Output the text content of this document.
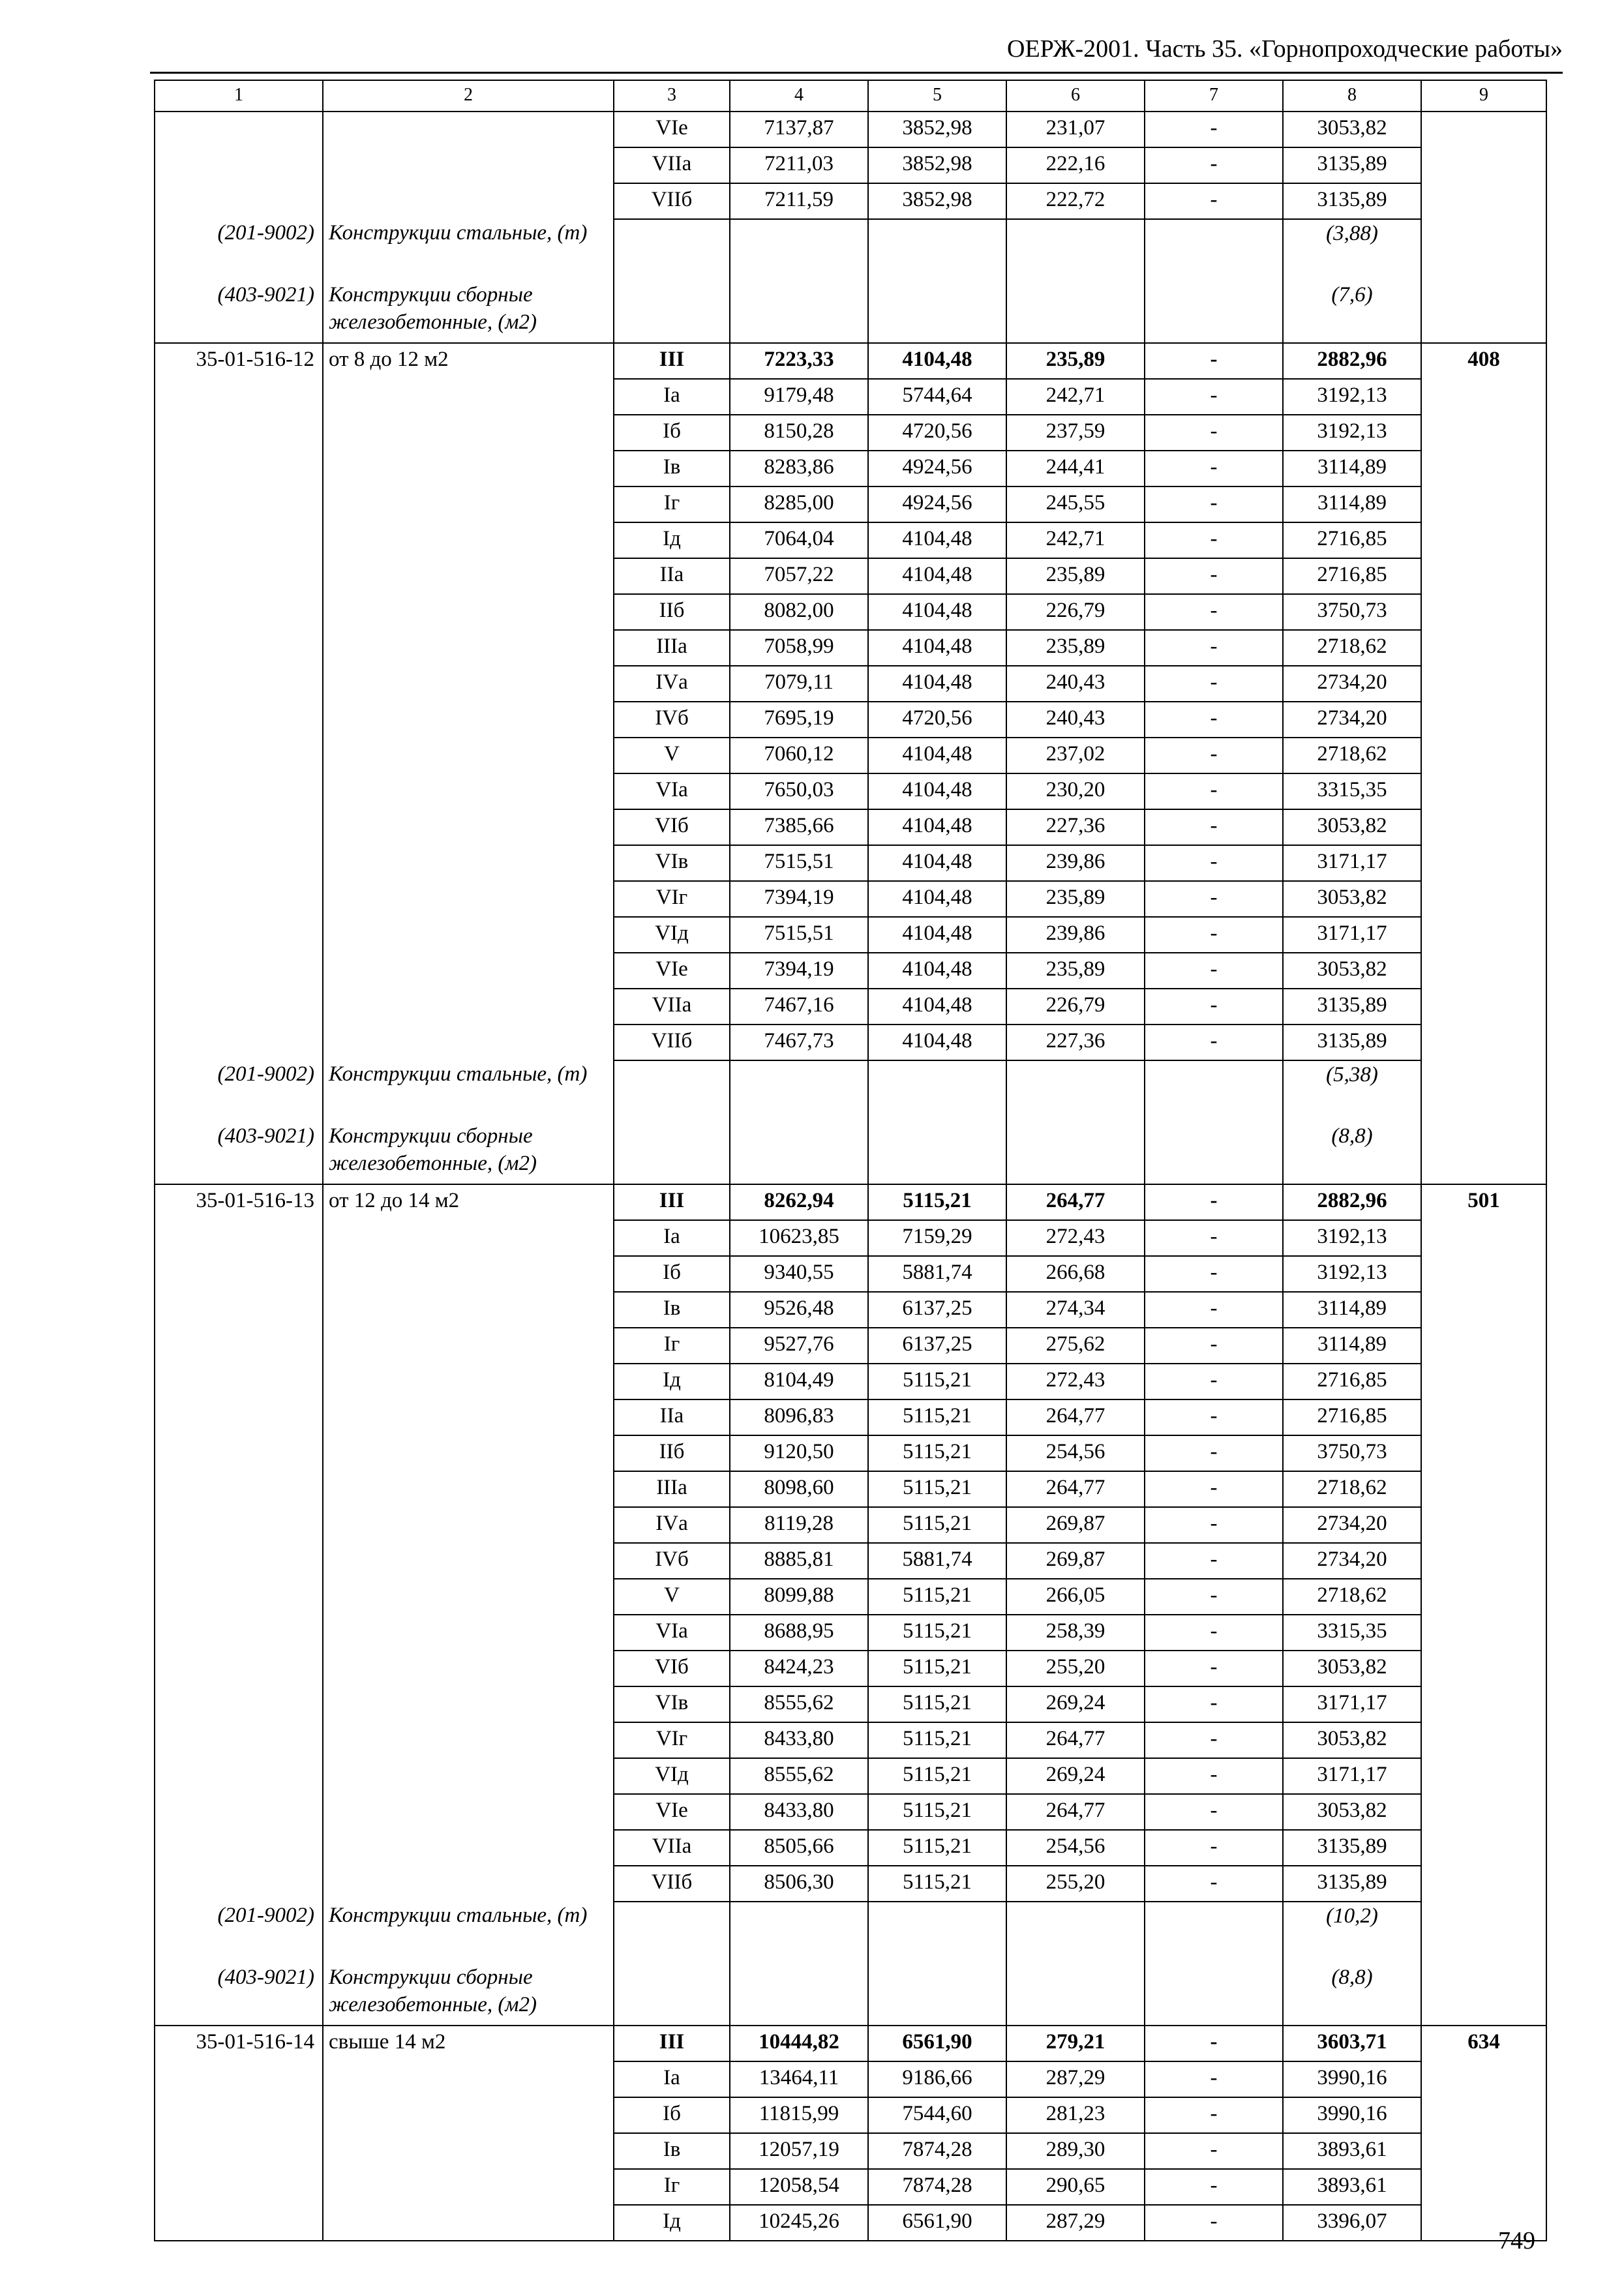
ОЕРЖ-2001. Часть 35. «Горнопроходческие работы»
1	2	3	4	5	6	7	8	9
		VIе	7137,87	3852,98	231,07	-	3053,82	
		VIIа	7211,03	3852,98	222,16	-	3135,89	
		VIIб	7211,59	3852,98	222,72	-	3135,89	
(201-9002)	Конструкции стальные, (т)						(3,88)	
(403-9021)	Конструкции сборные железобетонные, (м2)						(7,6)	
35-01-516-12	от 8 до 12 м2	III	7223,33	4104,48	235,89	-	2882,96	408
		Iа	9179,48	5744,64	242,71	-	3192,13	
		Iб	8150,28	4720,56	237,59	-	3192,13	
		Iв	8283,86	4924,56	244,41	-	3114,89	
		Iг	8285,00	4924,56	245,55	-	3114,89	
		Iд	7064,04	4104,48	242,71	-	2716,85	
		IIа	7057,22	4104,48	235,89	-	2716,85	
		IIб	8082,00	4104,48	226,79	-	3750,73	
		IIIа	7058,99	4104,48	235,89	-	2718,62	
		IVа	7079,11	4104,48	240,43	-	2734,20	
		IVб	7695,19	4720,56	240,43	-	2734,20	
		V	7060,12	4104,48	237,02	-	2718,62	
		VIа	7650,03	4104,48	230,20	-	3315,35	
		VIб	7385,66	4104,48	227,36	-	3053,82	
		VIв	7515,51	4104,48	239,86	-	3171,17	
		VIг	7394,19	4104,48	235,89	-	3053,82	
		VIд	7515,51	4104,48	239,86	-	3171,17	
		VIе	7394,19	4104,48	235,89	-	3053,82	
		VIIа	7467,16	4104,48	226,79	-	3135,89	
		VIIб	7467,73	4104,48	227,36	-	3135,89	
(201-9002)	Конструкции стальные, (т)						(5,38)	
(403-9021)	Конструкции сборные железобетонные, (м2)						(8,8)	
35-01-516-13	от 12 до 14 м2	III	8262,94	5115,21	264,77	-	2882,96	501
		Iа	10623,85	7159,29	272,43	-	3192,13	
		Iб	9340,55	5881,74	266,68	-	3192,13	
		Iв	9526,48	6137,25	274,34	-	3114,89	
		Iг	9527,76	6137,25	275,62	-	3114,89	
		Iд	8104,49	5115,21	272,43	-	2716,85	
		IIа	8096,83	5115,21	264,77	-	2716,85	
		IIб	9120,50	5115,21	254,56	-	3750,73	
		IIIа	8098,60	5115,21	264,77	-	2718,62	
		IVа	8119,28	5115,21	269,87	-	2734,20	
		IVб	8885,81	5881,74	269,87	-	2734,20	
		V	8099,88	5115,21	266,05	-	2718,62	
		VIа	8688,95	5115,21	258,39	-	3315,35	
		VIб	8424,23	5115,21	255,20	-	3053,82	
		VIв	8555,62	5115,21	269,24	-	3171,17	
		VIг	8433,80	5115,21	264,77	-	3053,82	
		VIд	8555,62	5115,21	269,24	-	3171,17	
		VIе	8433,80	5115,21	264,77	-	3053,82	
		VIIа	8505,66	5115,21	254,56	-	3135,89	
		VIIб	8506,30	5115,21	255,20	-	3135,89	
(201-9002)	Конструкции стальные, (т)						(10,2)	
(403-9021)	Конструкции сборные железобетонные, (м2)						(8,8)	
35-01-516-14	свыше 14 м2	III	10444,82	6561,90	279,21	-	3603,71	634
		Iа	13464,11	9186,66	287,29	-	3990,16	
		Iб	11815,99	7544,60	281,23	-	3990,16	
		Iв	12057,19	7874,28	289,30	-	3893,61	
		Iг	12058,54	7874,28	290,65	-	3893,61	
		Iд	10245,26	6561,90	287,29	-	3396,07	
749
